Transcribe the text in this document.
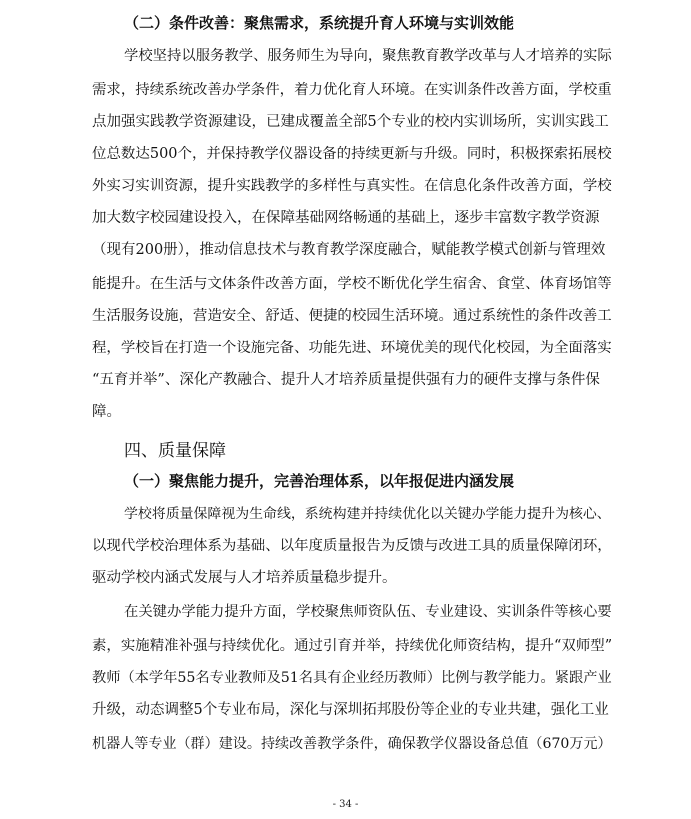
（二）条件改善：聚焦需求，系统提升育人环境与实训效能
学校坚持以服务教学、服务师生为导向，聚焦教育教学改革与人才培养的实际
需求，持续系统改善办学条件，着力优化育人环境。在实训条件改善方面，学校重
点加强实践教学资源建设，已建成覆盖全部5个专业的校内实训场所，实训实践工
位总数达500个，并保持教学仪器设备的持续更新与升级。同时，积极探索拓展校
外实习实训资源，提升实践教学的多样性与真实性。在信息化条件改善方面，学校
加大数字校园建设投入，在保障基础网络畅通的基础上，逐步丰富数字教学资源
（现有200册），推动信息技术与教育教学深度融合，赋能教学模式创新与管理效
能提升。在生活与文体条件改善方面，学校不断优化学生宿舍、食堂、体育场馆等
生活服务设施，营造安全、舒适、便捷的校园生活环境。通过系统性的条件改善工
程，学校旨在打造一个设施完备、功能先进、环境优美的现代化校园，为全面落实
“五育并举”、深化产教融合、提升人才培养质量提供强有力的硬件支撑与条件保
障。
四、质量保障
（一）聚焦能力提升，完善治理体系，以年报促进内涵发展
学校将质量保障视为生命线，系统构建并持续优化以关键办学能力提升为核心、
以现代学校治理体系为基础、以年度质量报告为反馈与改进工具的质量保障闭环，
驱动学校内涵式发展与人才培养质量稳步提升。
在关键办学能力提升方面，学校聚焦师资队伍、专业建设、实训条件等核心要
素，实施精准补强与持续优化。通过引育并举，持续优化师资结构，提升“双师型”
教师（本学年55名专业教师及51名具有企业经历教师）比例与教学能力。紧跟产业
升级，动态调整5个专业布局，深化与深圳拓邦股份等企业的专业共建，强化工业
机器人等专业（群）建设。持续改善教学条件，确保教学仪器设备总值（670万元）
- 34 -
